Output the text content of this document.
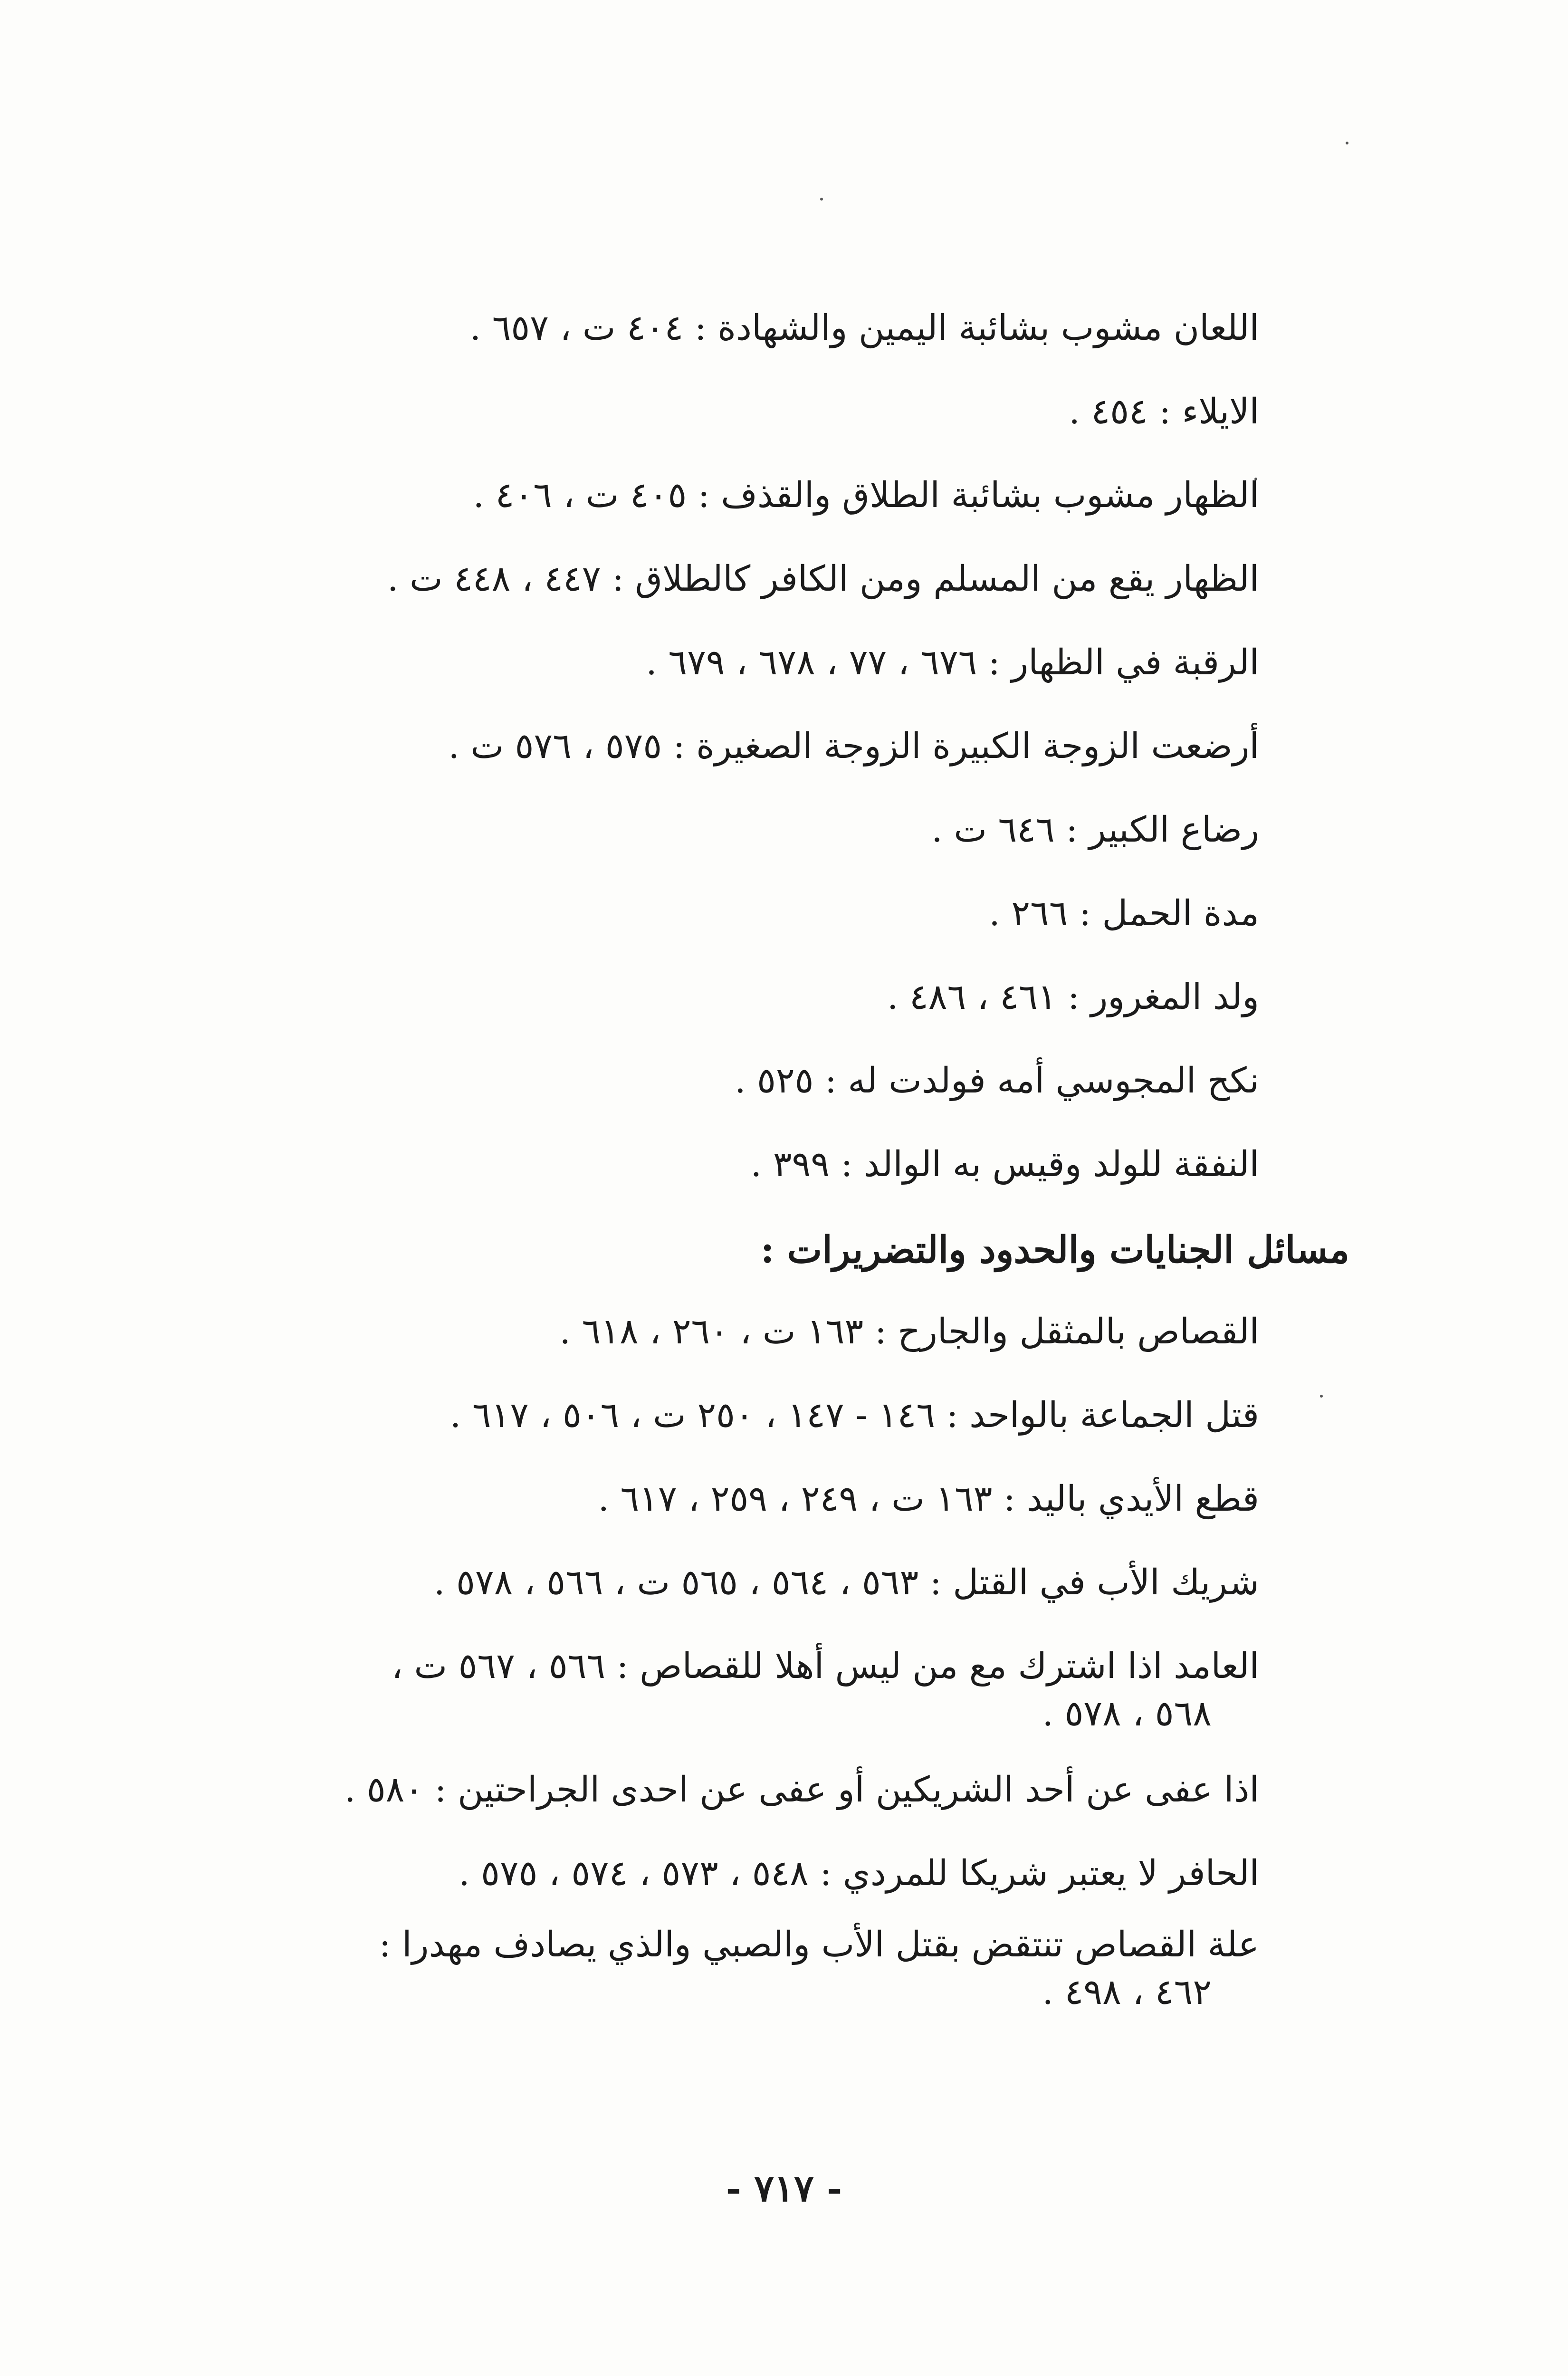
اللعان مشوب بشائبة اليمين والشهادة : ٤٠٤ ت ، ٦٥٧ .
الايلاء : ٤٥٤ .
الظهار مشوب بشائبة الطلاق والقذف : ٤٠٥ ت ، ٤٠٦ .
الظهار يقع من المسلم ومن الكافر كالطلاق : ٤٤٧ ، ٤٤٨ ت .
الرقبة في الظهار : ٦٧٦ ، ٧٧ ، ٦٧٨ ، ٦٧٩ .
أرضعت الزوجة الكبيرة الزوجة الصغيرة : ٥٧٥ ، ٥٧٦ ت .
رضاع الكبير : ٦٤٦ ت .
مدة الحمل : ٢٦٦ .
ولد المغرور : ٤٦١ ، ٤٨٦ .
نكح المجوسي أمه فولدت له : ٥٢٥ .
النفقة للولد وقيس به الوالد : ٣٩٩ .
مسائل الجنايات والحدود والتضريرات :
القصاص بالمثقل والجارح : ١٦٣ ت ، ٢٦٠ ، ٦١٨ .
قتل الجماعة بالواحد : ١٤٦ - ١٤٧ ، ٢٥٠ ت ، ٥٠٦ ، ٦١٧ .
قطع الأيدي باليد : ١٦٣ ت ، ٢٤٩ ، ٢٥٩ ، ٦١٧ .
شريك الأب في القتل : ٥٦٣ ، ٥٦٤ ، ٥٦٥ ت ، ٥٦٦ ، ٥٧٨ .
العامد اذا اشترك مع من ليس أهلا للقصاص : ٥٦٦ ، ٥٦٧ ت ،
٥٦٨ ، ٥٧٨ .
اذا عفى عن أحد الشريكين أو عفى عن احدى الجراحتين : ٥٨٠ .
الحافر لا يعتبر شريكا للمردي : ٥٤٨ ، ٥٧٣ ، ٥٧٤ ، ٥٧٥ .
علة القصاص تنتقض بقتل الأب والصبي والذي يصادف مهدرا :
٤٦٢ ، ٤٩٨ .
- ٧١٧ -
